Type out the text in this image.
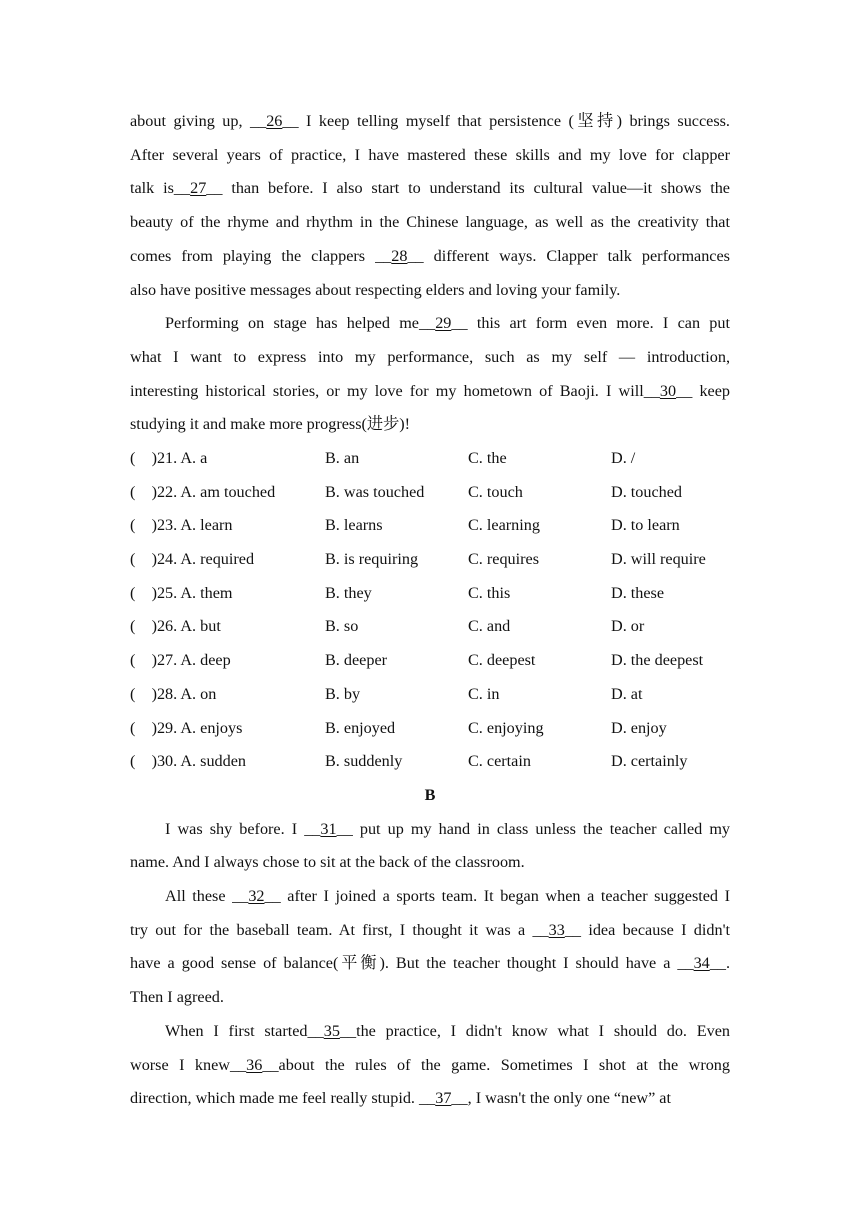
about giving up, __26__ I keep telling myself that persistence (坚持) brings success.
After several years of practice, I have mastered these skills and my love for clapper
talk is__27__ than before. I also start to understand its cultural value—it shows the
beauty of the rhyme and rhythm in the Chinese language, as well as the creativity that
comes from playing the clappers __28__ different ways. Clapper talk performances
also have positive messages about respecting elders and loving your family.
Performing on stage has helped me__29__ this art form even more. I can put
what I want to express into my performance, such as my self — introduction,
interesting historical stories, or my love for my hometown of Baoji. I will__30__ keep
studying it and make more progress(进步)!
(    )21. A. a	B. an	C. the	D. /
(    )22. A. am touched	B. was touched	C. touch	D. touched
(    )23. A. learn	B. learns	C. learning	D. to learn
(    )24. A. required	B. is requiring	C. requires	D. will require
(    )25. A. them	B. they	C. this	D. these
(    )26. A. but	B. so	C. and	D. or
(    )27. A. deep	B. deeper	C. deepest	D. the deepest
(    )28. A. on	B. by	C. in	D. at
(    )29. A. enjoys	B. enjoyed	C. enjoying	D. enjoy
(    )30. A. sudden	B. suddenly	C. certain	D. certainly
B
I was shy before. I __31__ put up my hand in class unless the teacher called my
name. And I always chose to sit at the back of the classroom.
All these __32__ after I joined a sports team. It began when a teacher suggested I
try out for the baseball team. At first, I thought it was a __33__ idea because I didn't
have a good sense of balance(平衡). But the teacher thought I should have a __34__.
Then I agreed.
When I first started__35__the practice, I didn't know what I should do. Even
worse I knew__36__about the rules of the game. Sometimes I shot at the wrong
direction, which made me feel really stupid. __37__, I wasn't the only one “new” at
